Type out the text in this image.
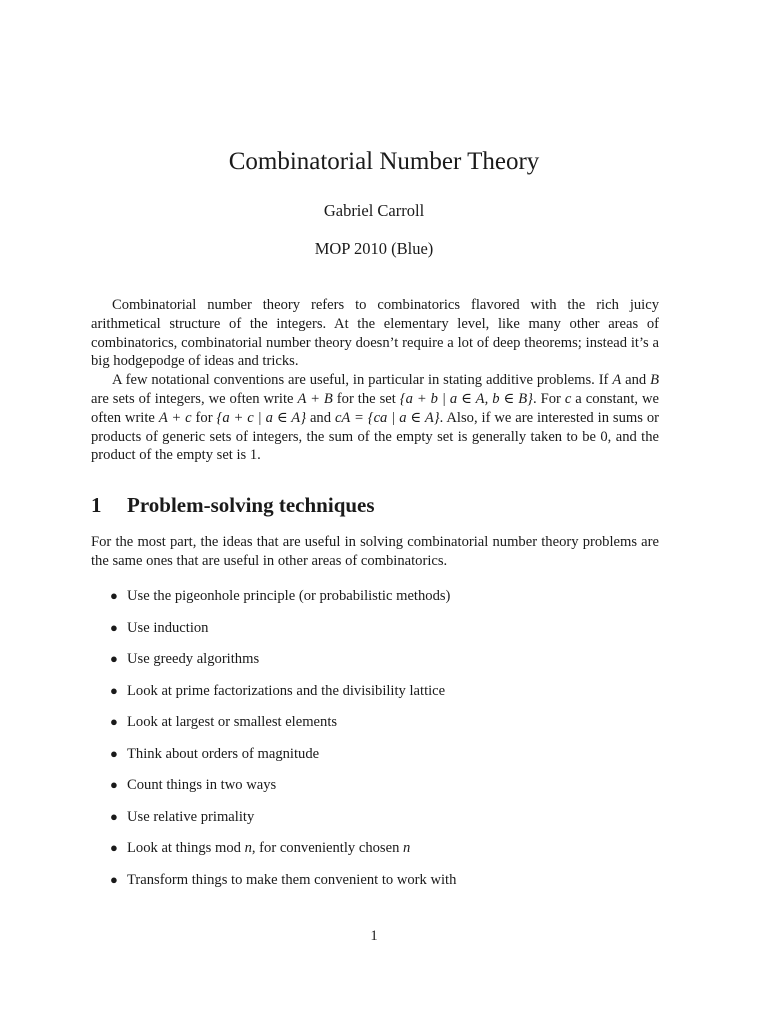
Combinatorial Number Theory
Gabriel Carroll
MOP 2010 (Blue)

Combinatorial number theory refers to combinatorics flavored with the rich juicy arithmetical structure of the integers. At the elementary level, like many other areas of combinatorics, combinatorial number theory doesn’t require a lot of deep theorems; instead it’s a big hodgepodge of ideas and tricks.

A few notational conventions are useful, in particular in stating additive problems. If A and B are sets of integers, we often write A + B for the set {a + b | a ∈ A, b ∈ B}. For c a constant, we often write A + c for {a + c | a ∈ A} and cA = {ca | a ∈ A}. Also, if we are interested in sums or products of generic sets of integers, the sum of the empty set is generally taken to be 0, and the product of the empty set is 1.

1 Problem-solving techniques

For the most part, the ideas that are useful in solving combinatorial number theory problems are the same ones that are useful in other areas of combinatorics.

● Use the pigeonhole principle (or probabilistic methods)
● Use induction
● Use greedy algorithms
● Look at prime factorizations and the divisibility lattice
● Look at largest or smallest elements
● Think about orders of magnitude
● Count things in two ways
● Use relative primality
● Look at things mod n, for conveniently chosen n
● Transform things to make them convenient to work with
1
